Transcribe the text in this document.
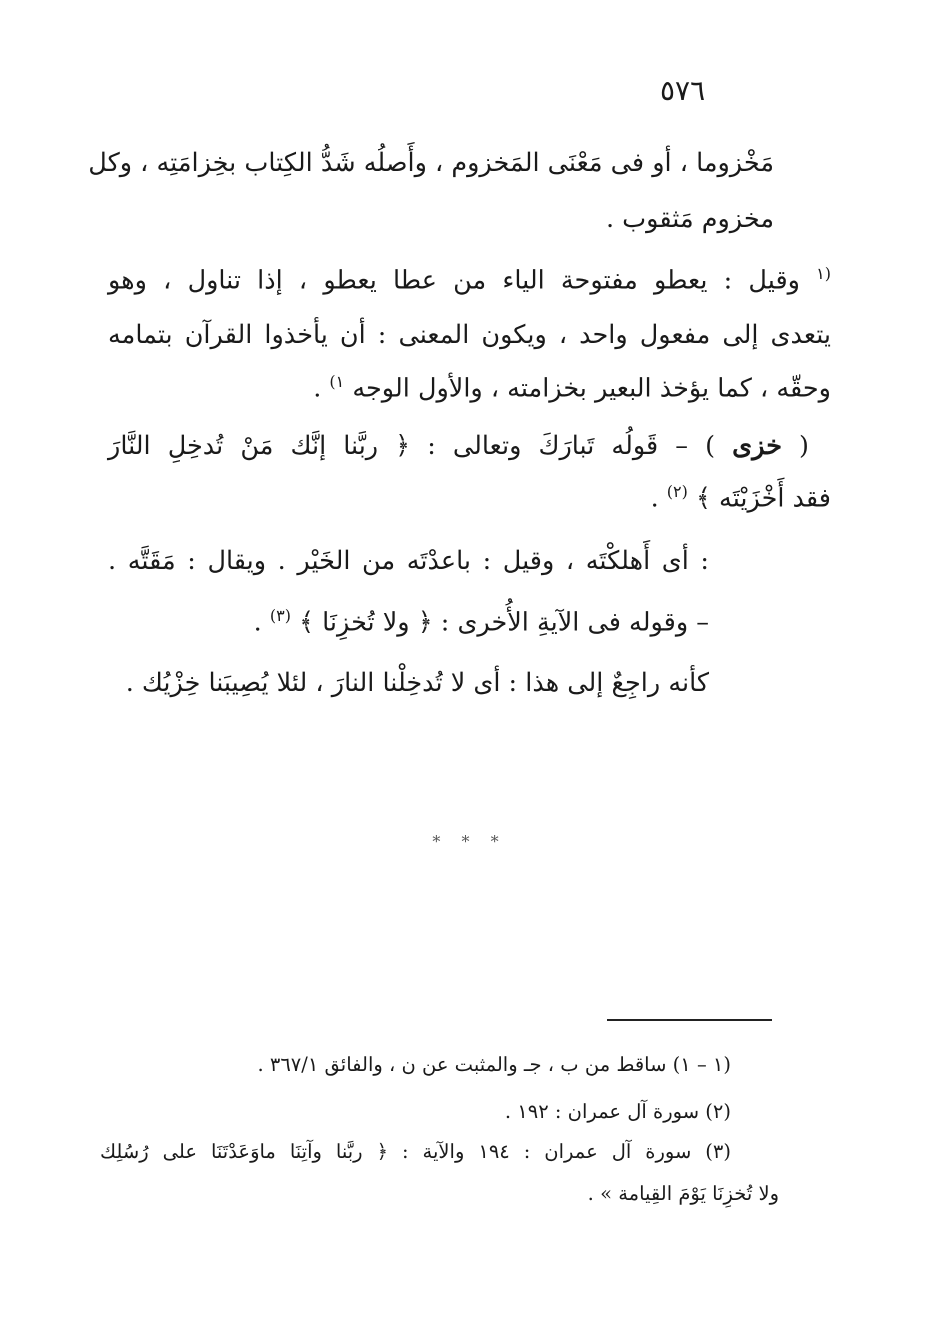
٥٧٦
مَخْزوما ، أو فى مَعْنَى المَخزوم ، وأَصلُه شَدُّ الكِتاب بخِزامَتِه ، وكل
مخزوم مَثقوب .
$^{(١}$ وقيل : يعطو مفتوحة الياء من عطا يعطو ، إذا تناول ، وهو
يتعدى إلى مفعول واحد ، ويكون المعنى : أن يأخذوا القرآن بتمامه
وحقّه ، كما يؤخذ البعير بخزامته ، والأول الوجه $^{١)}$ .
( خزى ) – قَولُه تَبارَكَ وتعالى : ﴿ ربَّنا إنَّك مَنْ تُدخِلِ النَّارَ
فقد أَخْزَيْتَه ﴾ $^{(٢)}$ .
: أى أَهلكْتَه ، وقيل : باعدْتَه من الخَيْر . ويقال : مَقَتَّه .
– وقوله فى الآيةِ الأُخرى : ﴿ ولا تُخزِنَا ﴾ $^{(٣)}$ .
كأنه راجِعٌ إلى هذا : أى لا تُدخِلْنا النارَ ، لئلا يُصِيبَنا خِزْيُك .
* * *
(١ – ١) ساقط من ب ، جـ والمثبت عن ن ، والفائق ٣٦٧/١ .
(٢) سورة آل عمران : ١٩٢ .
(٣) سورة آل عمران : ١٩٤ والآية : ﴿ ربَّنا وآتِنَا ماوَعَدْتَنَا على رُسُلِك
ولا تُخزِنَا يَوْمَ القِيامة » .
